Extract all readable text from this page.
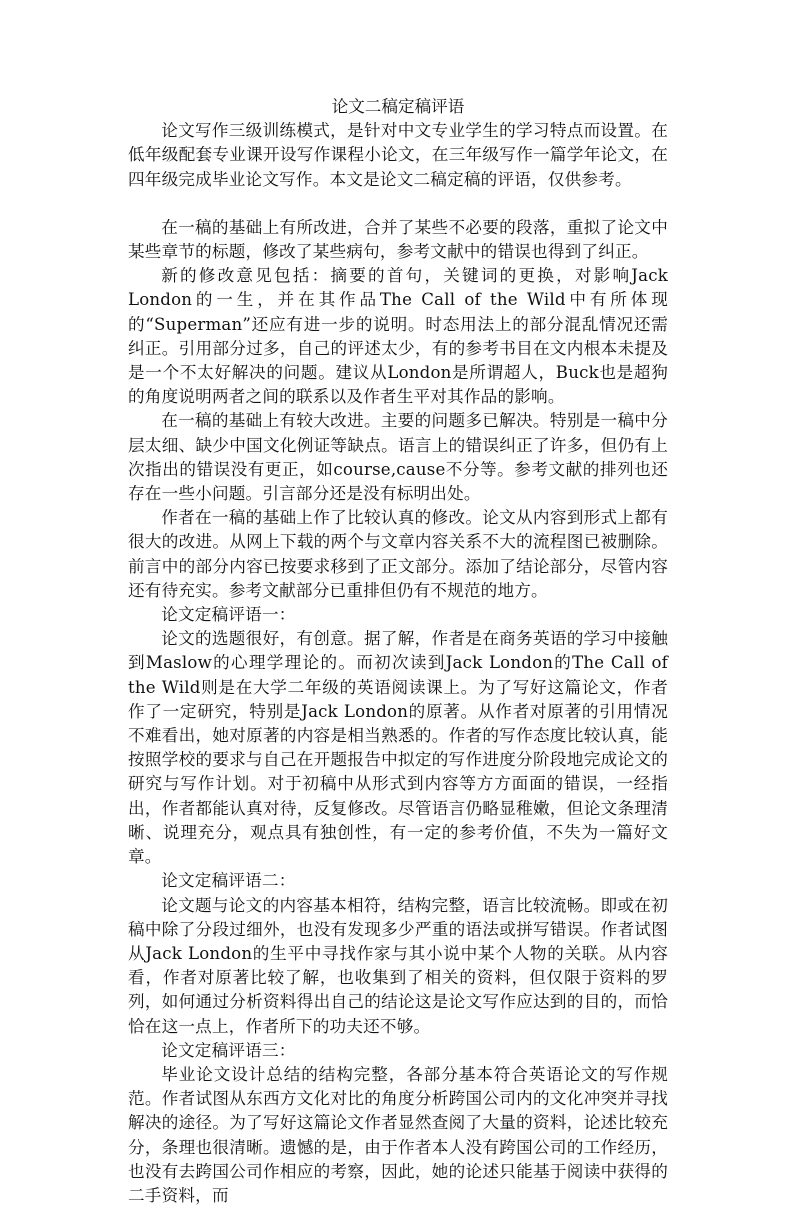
论文二稿定稿评语

论文写作三级训练模式，是针对中文专业学生的学习特点而设置。在低年级配套专业课开设写作课程小论文，在三年级写作一篇学年论文，在四年级完成毕业论文写作。本文是论文二稿定稿的评语，仅供参考。

在一稿的基础上有所改进，合并了某些不必要的段落，重拟了论文中某些章节的标题，修改了某些病句，参考文献中的错误也得到了纠正。

新的修改意见包括：摘要的首句，关键词的更换，对影响Jack London的一生，并在其作品The Call of the Wild中有所体现的“Superman”还应有进一步的说明。时态用法上的部分混乱情况还需纠正。引用部分过多，自己的评述太少，有的参考书目在文内根本未提及是一个不太好解决的问题。建议从London是所谓超人，Buck也是超狗的角度说明两者之间的联系以及作者生平对其作品的影响。

在一稿的基础上有较大改进。主要的问题多已解决。特别是一稿中分层太细、缺少中国文化例证等缺点。语言上的错误纠正了许多，但仍有上次指出的错误没有更正，如course,cause不分等。参考文献的排列也还存在一些小问题。引言部分还是没有标明出处。

作者在一稿的基础上作了比较认真的修改。论文从内容到形式上都有很大的改进。从网上下载的两个与文章内容关系不大的流程图已被删除。前言中的部分内容已按要求移到了正文部分。添加了结论部分，尽管内容还有待充实。参考文献部分已重排但仍有不规范的地方。

论文定稿评语一：

论文的选题很好，有创意。据了解，作者是在商务英语的学习中接触到Maslow的心理学理论的。而初次读到Jack London的The Call of the Wild则是在大学二年级的英语阅读课上。为了写好这篇论文，作者作了一定研究，特别是Jack London的原著。从作者对原著的引用情况不难看出，她对原著的内容是相当熟悉的。作者的写作态度比较认真，能按照学校的要求与自己在开题报告中拟定的写作进度分阶段地完成论文的研究与写作计划。对于初稿中从形式到内容等方方面面的错误，一经指出，作者都能认真对待，反复修改。尽管语言仍略显稚嫩，但论文条理清晰、说理充分，观点具有独创性，有一定的参考价值，不失为一篇好文章。

论文定稿评语二：

论文题与论文的内容基本相符，结构完整，语言比较流畅。即或在初稿中除了分段过细外，也没有发现多少严重的语法或拼写错误。作者试图从Jack London的生平中寻找作家与其小说中某个人物的关联。从内容看，作者对原著比较了解，也收集到了相关的资料，但仅限于资料的罗列，如何通过分析资料得出自己的结论这是论文写作应达到的目的，而恰恰在这一点上，作者所下的功夫还不够。

论文定稿评语三：

毕业论文设计总结的结构完整，各部分基本符合英语论文的写作规范。作者试图从东西方文化对比的角度分析跨国公司内的文化冲突并寻找解决的途径。为了写好这篇论文作者显然查阅了大量的资料，论述比较充分，条理也很清晰。遗憾的是，由于作者本人没有跨国公司的工作经历，也没有去跨国公司作相应的考察，因此，她的论述只能基于阅读中获得的二手资料，而
